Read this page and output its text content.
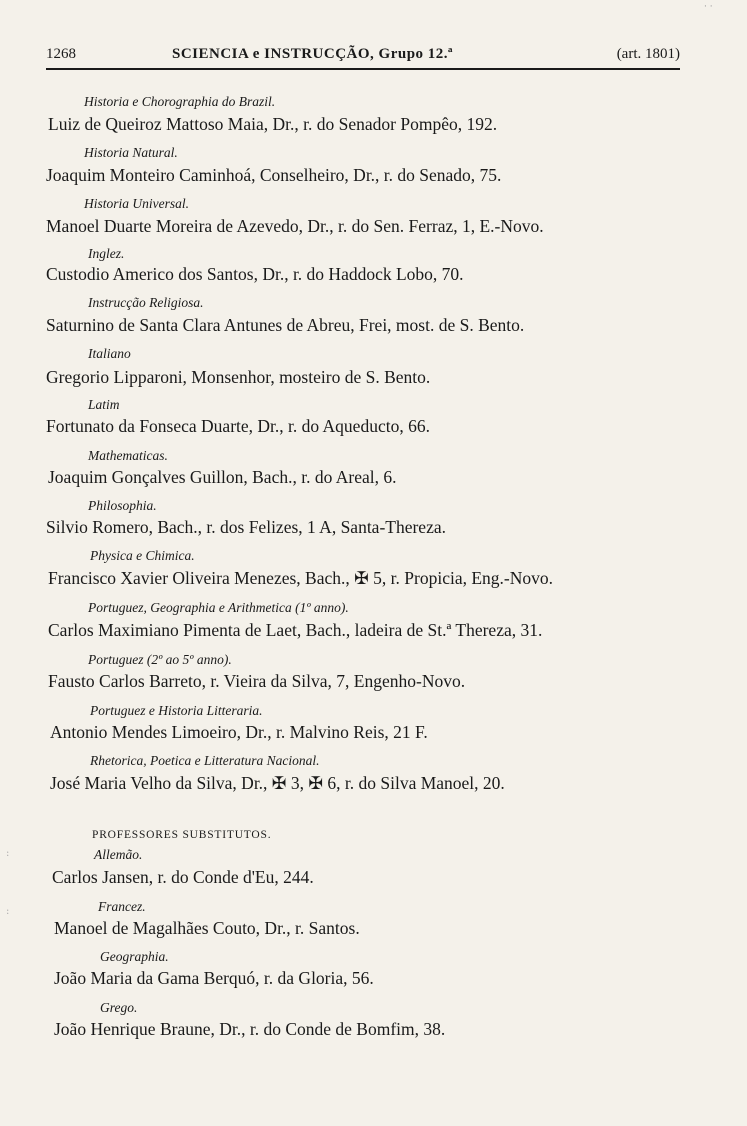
1268	SCIENCIA e INSTRUCÇÃO, Grupo 12.ª	(art. 1801)
Historia e Chorographia do Brazil.
Luiz de Queiroz Mattoso Maia, Dr., r. do Senador Pompêo, 192.
Historia Natural.
Joaquim Monteiro Caminhoá, Conselheiro, Dr., r. do Senado, 75.
Historia Universal.
Manoel Duarte Moreira de Azevedo, Dr., r. do Sen. Ferraz, 1, E.-Novo.
Inglez.
Custodio Americo dos Santos, Dr., r. do Haddock Lobo, 70.
Instrucção Religiosa.
Saturnino de Santa Clara Antunes de Abreu, Frei, most. de S. Bento.
Italiano
Gregorio Lipparoni, Monsenhor, mosteiro de S. Bento.
Latim
Fortunato da Fonseca Duarte, Dr., r. do Aqueducto, 66.
Mathematicas.
Joaquim Gonçalves Guillon, Bach., r. do Areal, 6.
Philosophia.
Silvio Romero, Bach., r. dos Felizes, 1 A, Santa-Thereza.
Physica e Chimica.
Francisco Xavier Oliveira Menezes, Bach., ✠ 5, r. Propicia, Eng.-Novo.
Portuguez, Geographia e Arithmetica (1º anno).
Carlos Maximiano Pimenta de Laet, Bach., ladeira de St.ª Thereza, 31.
Portuguez (2º ao 5º anno).
Fausto Carlos Barreto, r. Vieira da Silva, 7, Engenho-Novo.
Portuguez e Historia Litteraria.
Antonio Mendes Limoeiro, Dr., r. Malvino Reis, 21 F.
Rhetorica, Poetica e Litteratura Nacional.
José Maria Velho da Silva, Dr., ✠ 3, ✠ 6, r. do Silva Manoel, 20.
PROFESSORES SUBSTITUTOS.
Allemão.
Carlos Jansen, r. do Conde d'Eu, 244.
Francez.
Manoel de Magalhães Couto, Dr., r. Santos.
Geographia.
João Maria da Gama Berquó, r. da Gloria, 56.
Grego.
João Henrique Braune, Dr., r. do Conde de Bomfim, 38.
· ·
:
:
